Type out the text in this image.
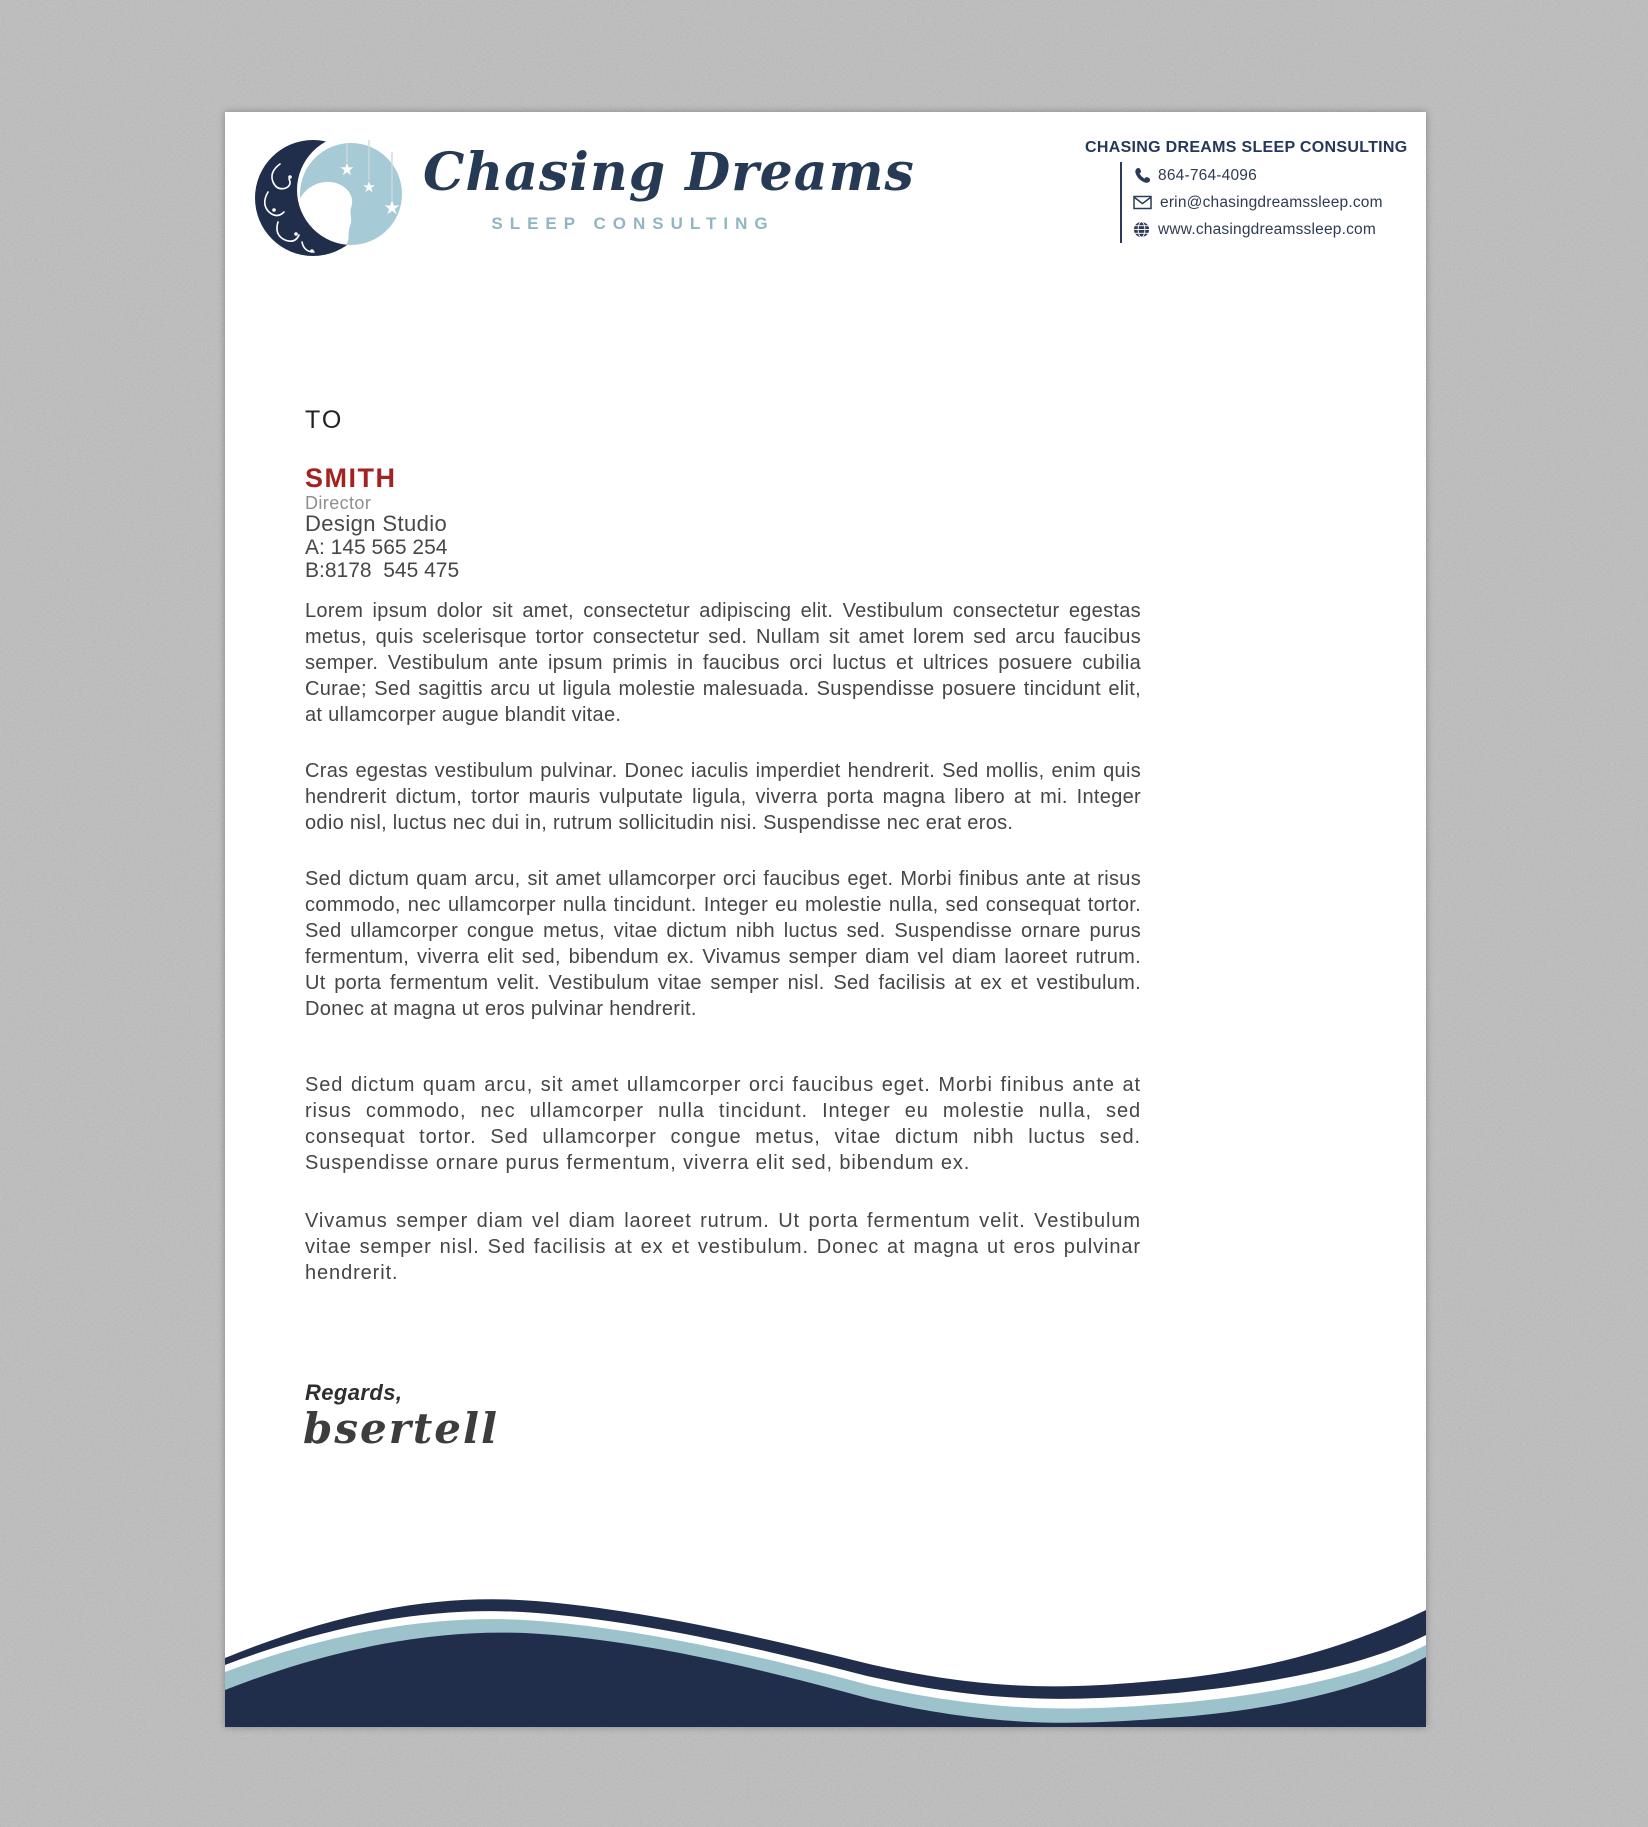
Chasing Dreams
SLEEP CONSULTING
CHASING DREAMS SLEEP CONSULTING
864-764-4096
erin@chasingdreamssleep.com
www.chasingdreamssleep.com
TO
SMITH
Director
Design Studio
A: 145 565 254
B:8178  545 475

Lorem ipsum dolor sit amet, consectetur adipiscing elit. Vestibulum consectetur egestas metus, quis scelerisque tortor consectetur sed. Nullam sit amet lorem sed arcu faucibus semper. Vestibulum ante ipsum primis in faucibus orci luctus et ultrices posuere cubilia Curae; Sed sagittis arcu ut ligula molestie malesuada. Suspendisse posuere tincidunt elit, at ullamcorper augue blandit vitae.

Cras egestas vestibulum pulvinar. Donec iaculis imperdiet hendrerit. Sed mollis, enim quis hendrerit dictum, tortor mauris vulputate ligula, viverra porta magna libero at mi. Integer odio nisl, luctus nec dui in, rutrum sollicitudin nisi. Suspendisse nec erat eros.

Sed dictum quam arcu, sit amet ullamcorper orci faucibus eget. Morbi finibus ante at risus commodo, nec ullamcorper nulla tincidunt. Integer eu molestie nulla, sed consequat tortor. Sed ullamcorper congue metus, vitae dictum nibh luctus sed. Suspendisse ornare purus fermentum, viverra elit sed, bibendum ex. Vivamus semper diam vel diam laoreet rutrum. Ut porta fermentum velit. Vestibulum vitae semper nisl. Sed facilisis at ex et vestibulum. Donec at magna ut eros pulvinar hendrerit.

Sed dictum quam arcu, sit amet ullamcorper orci faucibus eget. Morbi finibus ante at risus commodo, nec ullamcorper nulla tincidunt. Integer eu molestie nulla, sed consequat tortor. Sed ullamcorper congue metus, vitae dictum nibh luctus sed. Suspendisse ornare purus fermentum, viverra elit sed, bibendum ex.

Vivamus semper diam vel diam laoreet rutrum. Ut porta fermentum velit. Vestibulum vitae semper nisl. Sed facilisis at ex et vestibulum. Donec at magna ut eros pulvinar hendrerit.

Regards,
bsertell
